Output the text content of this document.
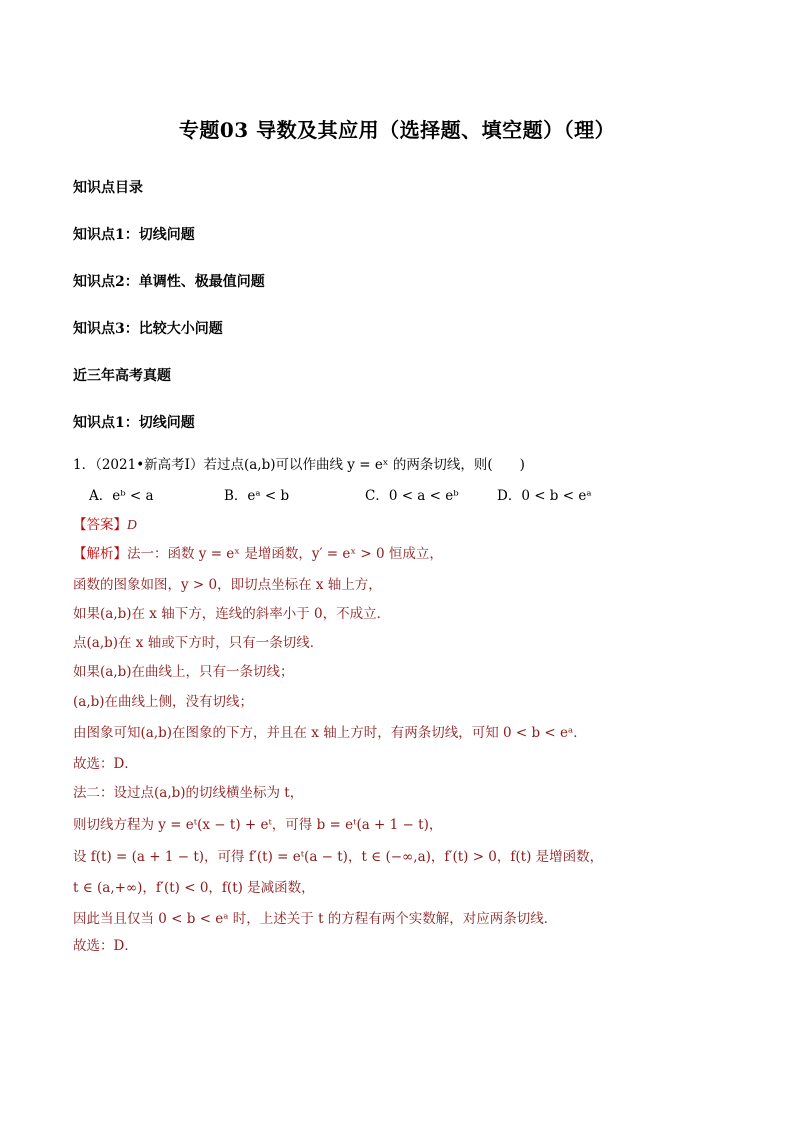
专题03 导数及其应用（选择题、填空题）（理）
知识点目录
知识点1：切线问题
知识点2：单调性、极最值问题
知识点3：比较大小问题
近三年高考真题
知识点1：切线问题
1．（2021•新高考Ⅰ）若过点(a,b)可以作曲线 y = eˣ 的两条切线，则(　　)
A．eᵇ < a	B．eᵃ < b	C．0 < a < eᵇ	D．0 < b < eᵃ
【答案】D
【解析】法一：函数 y = eˣ 是增函数，y′ = eˣ > 0 恒成立，
函数的图象如图，y > 0，即切点坐标在 x 轴上方，
如果(a,b)在 x 轴下方，连线的斜率小于 0，不成立．
点(a,b)在 x 轴或下方时，只有一条切线．
如果(a,b)在曲线上，只有一条切线；
(a,b)在曲线上侧，没有切线；
由图象可知(a,b)在图象的下方，并且在 x 轴上方时，有两条切线，可知 0 < b < eᵃ．
故选：D．
法二：设过点(a,b)的切线横坐标为 t，
则切线方程为 y = eᵗ(x − t) + eᵗ，可得 b = eᵗ(a + 1 − t)，
设 f(t) = (a + 1 − t)，可得 f′(t) = eᵗ(a − t)，t ∈ (−∞,a)，f′(t) > 0，f(t) 是增函数，
t ∈ (a,+∞)，f′(t) < 0，f(t) 是减函数，
因此当且仅当 0 < b < eᵃ 时，上述关于 t 的方程有两个实数解，对应两条切线．
故选：D．
